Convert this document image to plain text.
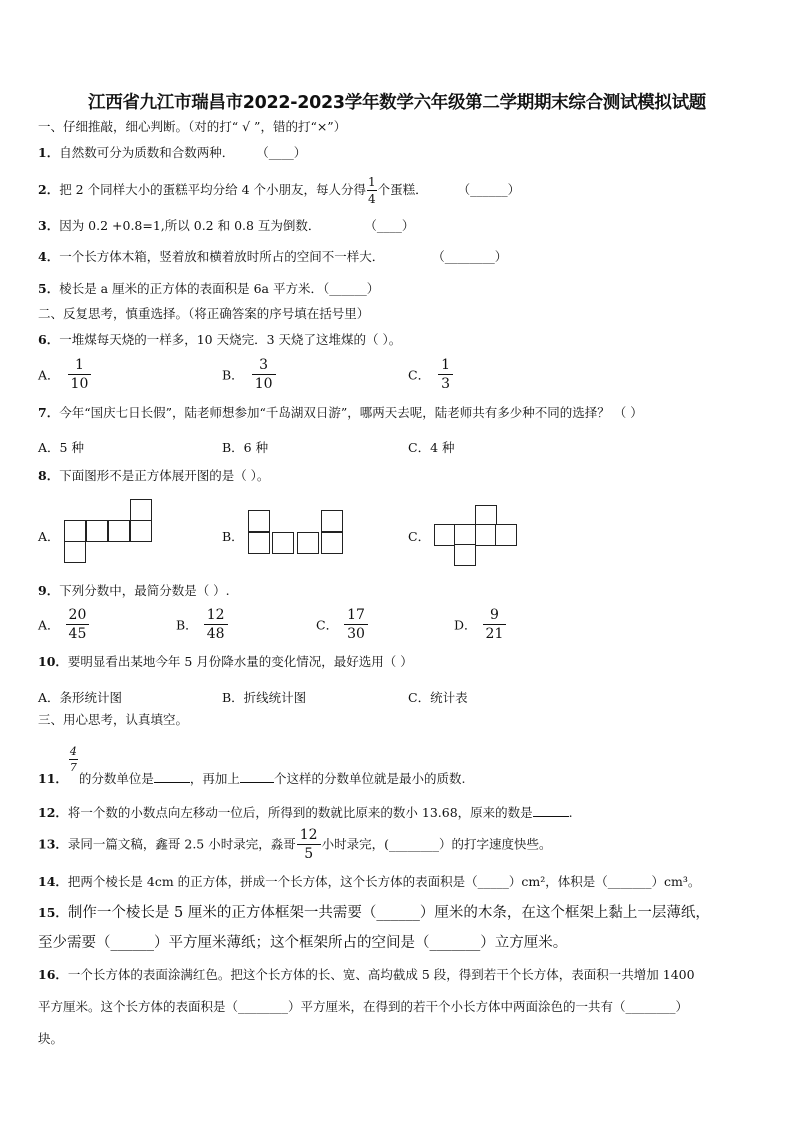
江西省九江市瑞昌市2022-2023学年数学六年级第二学期期末综合测试模拟试题
一、仔细推敲，细心判断。（对的打“ √ ”，错的打“×”）
1．自然数可分为质数和合数两种． （____）
2．把 2 个同样大小的蛋糕平均分给 4 个小朋友，每人分得 $\frac{1}{4}$ 个蛋糕． （______）
3．因为 0.2 +0.8=1,所以 0.2 和 0.8 互为倒数．	（____）
4．一个长方体木箱，竖着放和横着放时所占的空间不一样大．	（________）
5．棱长是 a 厘米的正方体的表面积是 6a 平方米．（______）
二、反复思考，慎重选择。（将正确答案的序号填在括号里）
6．一堆煤每天烧的一样多，10 天烧完．3 天烧了这堆煤的（ ）。
A． $\frac{1}{10}$	B． $\frac{3}{10}$	C． $\frac{1}{3}$
7．今年“国庆七日长假”，陆老师想参加“千岛湖双日游”，哪两天去呢，陆老师共有多少种不同的选择？ （ ）
A．5 种	B．6 种	C．4 种
8．下面图形不是正方体展开图的是（ ）。
A．	B．	C．
9．下列分数中，最简分数是（ ）.
A． $\frac{20}{45}$	B． $\frac{12}{48}$	C． $\frac{17}{30}$	D． $\frac{9}{21}$
10．要明显看出某地今年 5 月份降水量的变化情况，最好选用（ ）
A．条形统计图	B．折线统计图	C．统计表
三、用心思考，认真填空。
11．
$\frac{4}{7}$
的分数单位是	，再加上	个这样的分数单位就是最小的质数.
12．将一个数的小数点向左移动一位后，所得到的数就比原来的数小 13.68，原来的数是	.
13．录同一篇文稿，鑫哥 2.5 小时录完，淼哥 $\frac{12}{5}$ 小时录完，(________）的打字速度快些。
14．把两个棱长是 4cm 的正方体，拼成一个长方体，这个长方体的表面积是（_____）cm²，体积是（_______）cm³。
15．制作一个棱长是 5 厘米的正方体框架一共需要（______）厘米的木条，在这个框架上黏上一层薄纸，
至少需要（______）平方厘米薄纸；这个框架所占的空间是（_______）立方厘米。
16．一个长方体的表面涂满红色。把这个长方体的长、宽、高均截成 5 段，得到若干个长方体，表面积一共增加 1400
平方厘米。这个长方体的表面积是（________）平方厘米，在得到的若干个小长方体中两面涂色的一共有（________）
块。
